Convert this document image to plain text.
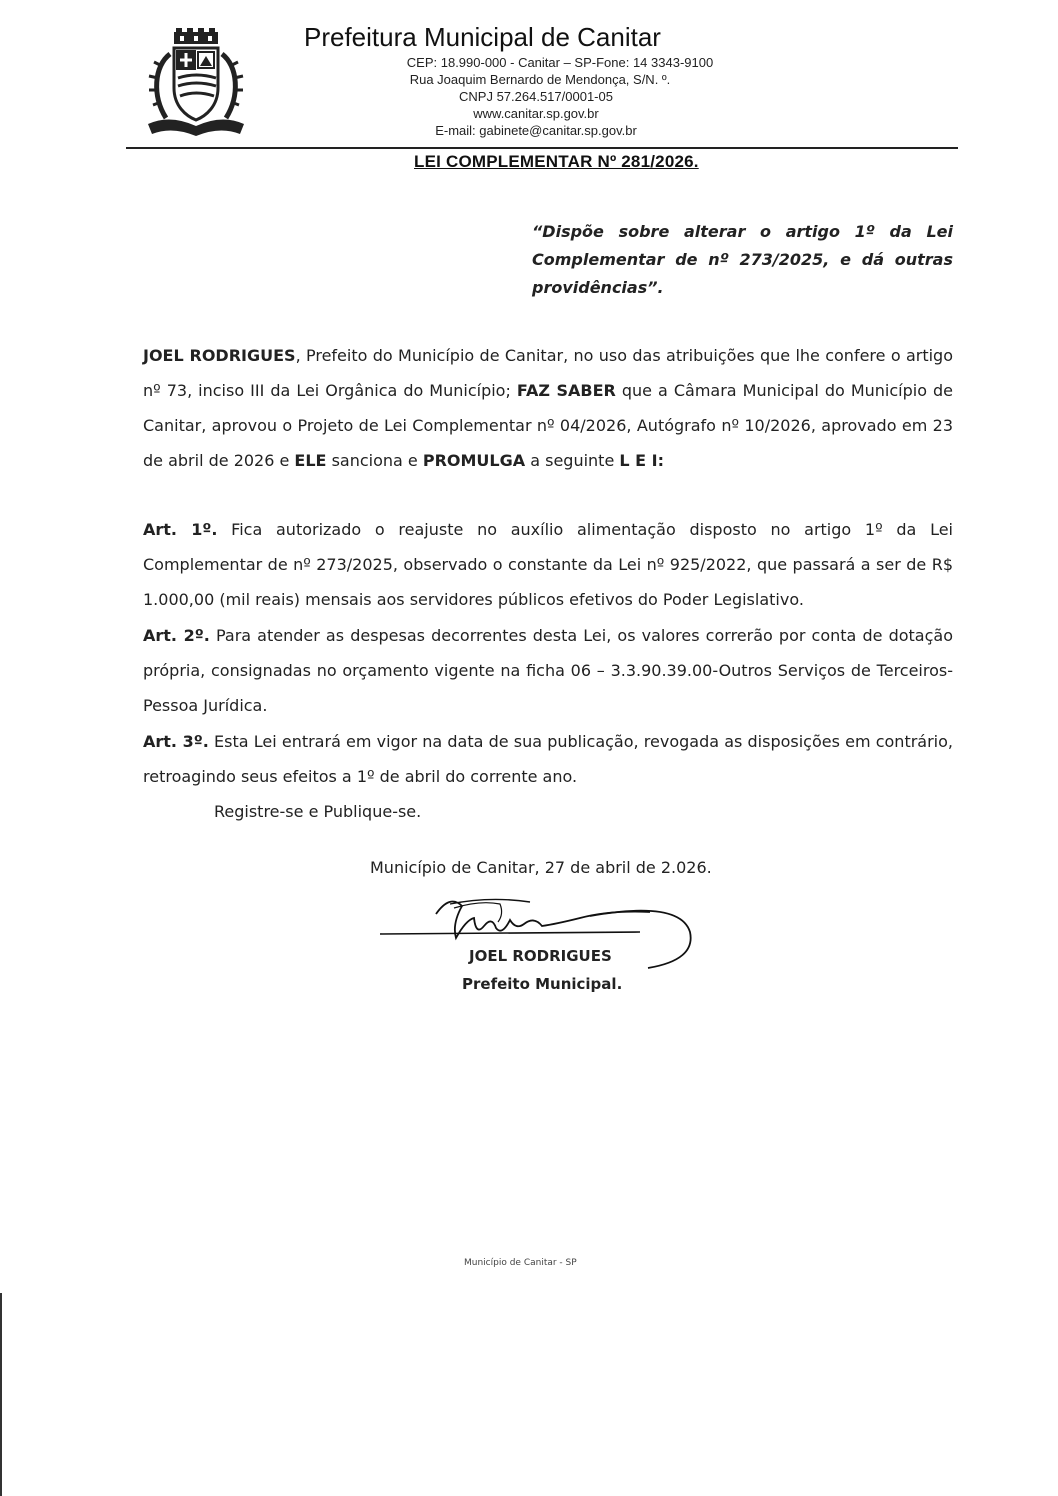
Prefeitura Municipal de Canitar
CEP: 18.990-000 - Canitar – SP-Fone: 14 3343-9100
Rua Joaquim Bernardo de Mendonça, S/N. º.
CNPJ 57.264.517/0001-05
www.canitar.sp.gov.br
E-mail: gabinete@canitar.sp.gov.br
LEI COMPLEMENTAR Nº 281/2026.
“Dispõe sobre alterar o artigo 1º da Lei Complementar de nº 273/2025, e dá outras providências”.
JOEL RODRIGUES, Prefeito do Município de Canitar, no uso das atribuições que lhe confere o artigo nº 73, inciso III da Lei Orgânica do Município; FAZ SABER que a Câmara Municipal do Município de Canitar, aprovou o Projeto de Lei Complementar nº 04/2026, Autógrafo nº 10/2026, aprovado em 23 de abril de 2026 e ELE sanciona e PROMULGA a seguinte L E I:
Art. 1º. Fica autorizado o reajuste no auxílio alimentação disposto no artigo 1º da Lei Complementar de nº 273/2025, observado o constante da Lei nº 925/2022, que passará a ser de R$ 1.000,00 (mil reais) mensais aos servidores públicos efetivos do Poder Legislativo.
Art. 2º. Para atender as despesas decorrentes desta Lei, os valores correrão por conta de dotação própria, consignadas no orçamento vigente na ficha 06 – 3.3.90.39.00-Outros Serviços de Terceiros-Pessoa Jurídica.
Art. 3º. Esta Lei entrará em vigor na data de sua publicação, revogada as disposições em contrário, retroagindo seus efeitos a 1º de abril do corrente ano.
Registre-se e Publique-se.
Município de Canitar, 27 de abril de 2.026.
JOEL RODRIGUES
Prefeito Municipal.
Município de Canitar - SP
